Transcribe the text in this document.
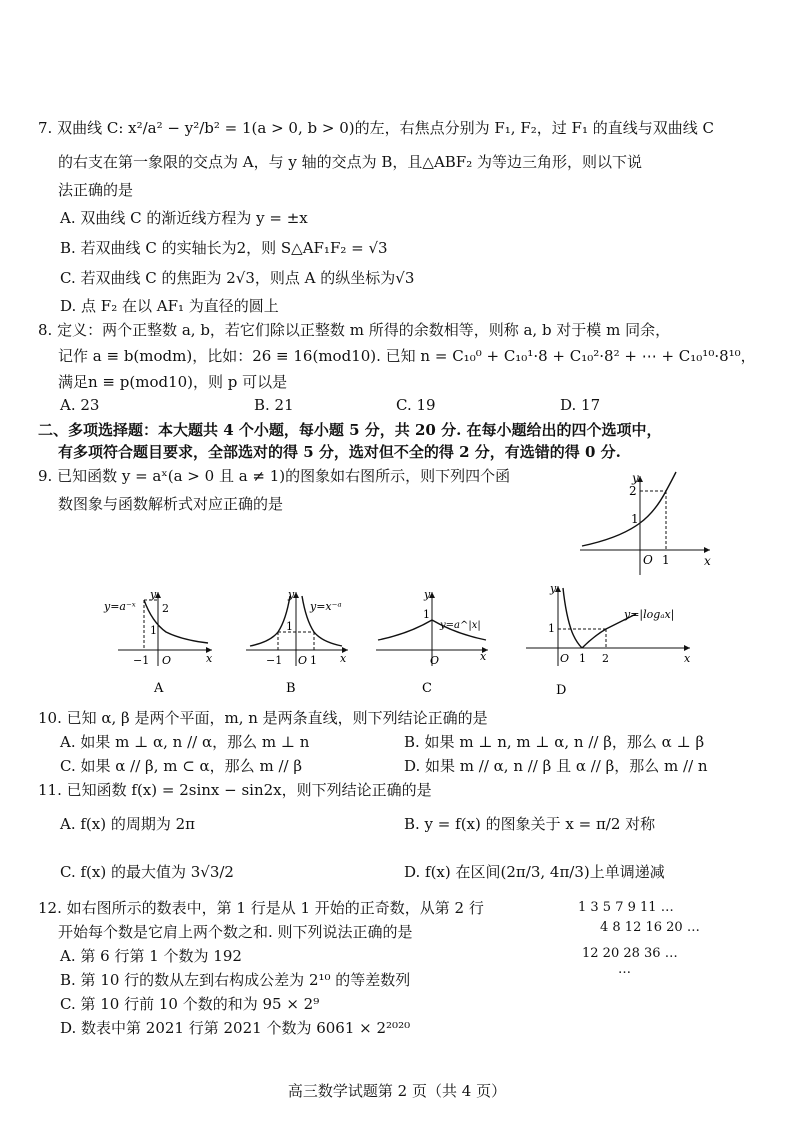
7. 双曲线 C: x²/a² − y²/b² = 1(a > 0, b > 0)的左，右焦点分别为 F₁, F₂，过 F₁ 的直线与双曲线 C
的右支在第一象限的交点为 A，与 y 轴的交点为 B，且△ABF₂ 为等边三角形，则以下说
法正确的是
A. 双曲线 C 的渐近线方程为 y = ±x
B. 若双曲线 C 的实轴长为2，则 S△AF₁F₂ = √3
C. 若双曲线 C 的焦距为 2√3，则点 A 的纵坐标为√3
D. 点 F₂ 在以 AF₁ 为直径的圆上
8. 定义：两个正整数 a, b，若它们除以正整数 m 所得的余数相等，则称 a, b 对于模 m 同余，
记作 a ≡ b(modm)，比如：26 ≡ 16(mod10). 已知 n = C₁₀⁰ + C₁₀¹·8 + C₁₀²·8² + ⋯ + C₁₀¹⁰·8¹⁰，
满足n ≡ p(mod10)，则 p 可以是
A. 23	B. 21	C. 19	D. 17
二、多项选择题：本大题共 4 个小题，每小题 5 分，共 20 分. 在每小题给出的四个选项中，
有多项符合题目要求，全部选对的得 5 分，选对但不全的得 2 分，有选错的得 0 分.
9. 已知函数 y = aˣ(a > 0 且 a ≠ 1)的图象如右图所示，则下列四个函
数图象与函数解析式对应正确的是
y
x
2
1
O 1
y=a⁻ˣ
y
2
1
−1 O	x
A
y=x⁻ᵃ
y
1
−1	1
O	x
B
y=a^|x|
y
1
O	x
C
y=|logₐx|
y
1
O 1 2	x
D
10. 已知 α, β 是两个平面，m, n 是两条直线，则下列结论正确的是
A. 如果 m ⊥ α, n // α，那么 m ⊥ n	B. 如果 m ⊥ n, m ⊥ α, n // β，那么 α ⊥ β
C. 如果 α // β, m ⊂ α，那么 m // β	D. 如果 m // α, n // β 且 α // β，那么 m // n
11. 已知函数 f(x) = 2sinx − sin2x，则下列结论正确的是
A. f(x) 的周期为 2π	B. y = f(x) 的图象关于 x = π/2 对称
C. f(x) 的最大值为 3√3/2	D. f(x) 在区间(2π/3, 4π/3)上单调递减
12. 如右图所示的数表中，第 1 行是从 1 开始的正奇数，从第 2 行
开始每个数是它肩上两个数之和. 则下列说法正确的是
A. 第 6 行第 1 个数为 192
B. 第 10 行的数从左到右构成公差为 2¹⁰ 的等差数列
C. 第 10 行前 10 个数的和为 95 × 2⁹
D. 数表中第 2021 行第 2021 个数为 6061 × 2²⁰²⁰
1 3 5 7 9 11 …
4 8 12 16 20 …
12 20 28 36 …
…
高三数学试题第 2 页（共 4 页）
